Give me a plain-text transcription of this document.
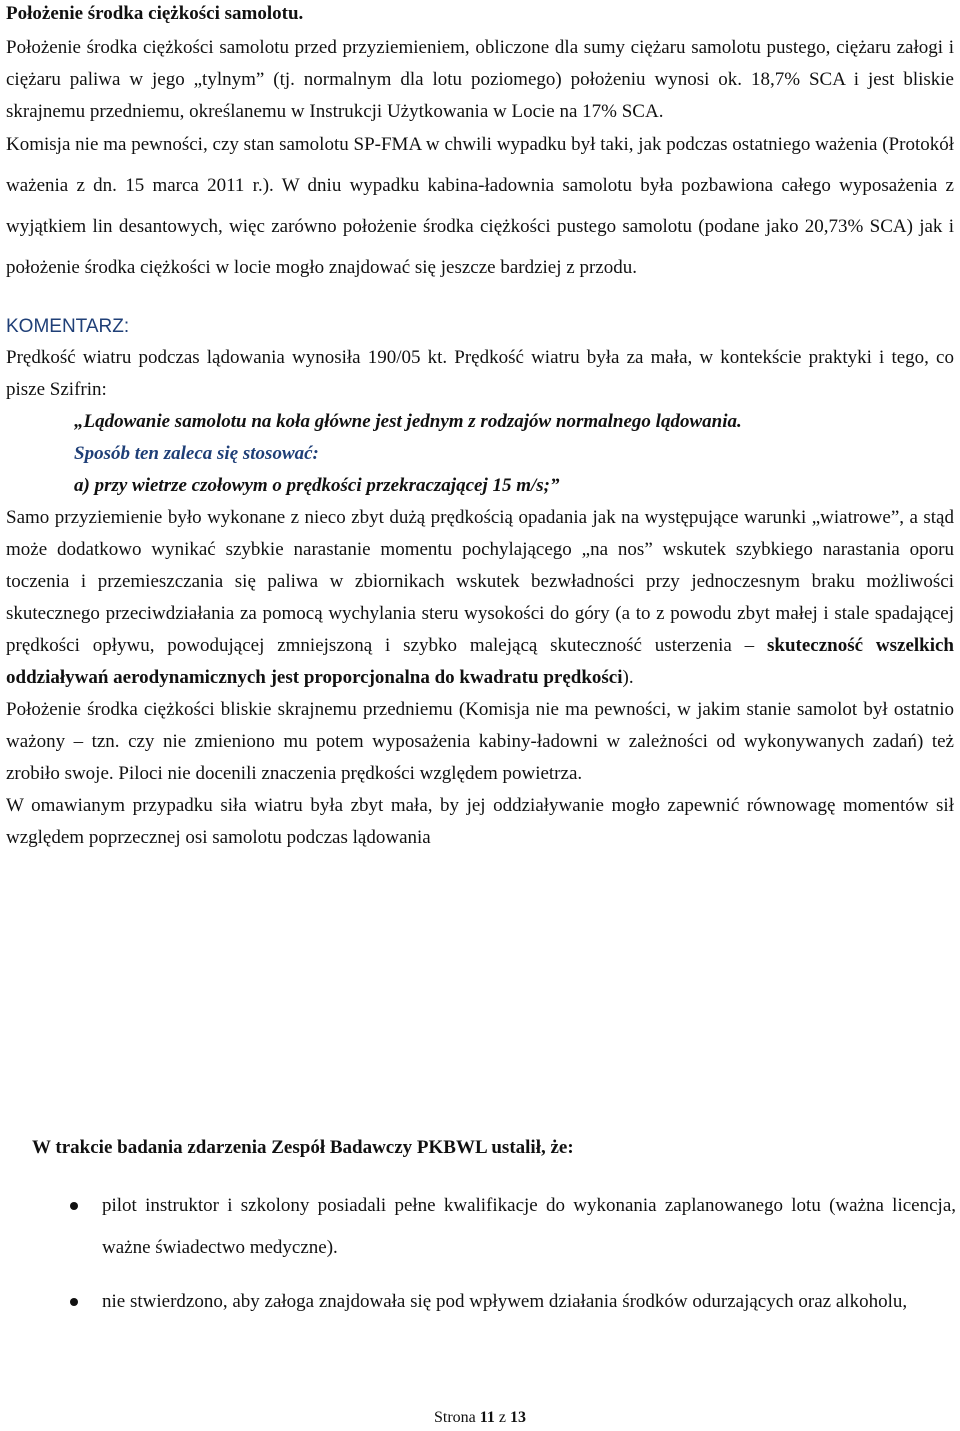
Położenie środka ciężkości samolotu.

Położenie środka ciężkości samolotu przed przyziemieniem, obliczone dla sumy ciężaru samolotu pustego, ciężaru załogi i ciężaru paliwa w jego „tylnym” (tj. normalnym dla lotu poziomego) położeniu wynosi ok. 18,7% SCA i jest bliskie skrajnemu przedniemu, określanemu w Instrukcji Użytkowania w Locie na 17% SCA.

Komisja nie ma pewności, czy stan samolotu SP-FMA w chwili wypadku był taki, jak podczas ostatniego ważenia (Protokół ważenia z dn. 15 marca 2011 r.). W dniu wypadku kabina-ładownia samolotu była pozbawiona całego wyposażenia z wyjątkiem lin desantowych, więc zarówno położenie środka ciężkości pustego samolotu (podane jako 20,73% SCA) jak i położenie środka ciężkości w locie mogło znajdować się jeszcze bardziej z przodu.

KOMENTARZ:

Prędkość wiatru podczas lądowania wynosiła 190/05 kt. Prędkość wiatru była za mała, w kontekście praktyki i tego, co pisze Szifrin:

„Lądowanie samolotu na koła główne jest jednym z rodzajów normalnego lądowania.

Sposób ten zaleca się stosować:

a) przy wietrze czołowym o prędkości przekraczającej 15 m/s;”

Samo przyziemienie było wykonane z nieco zbyt dużą prędkością opadania jak na występujące warunki „wiatrowe”, a stąd może dodatkowo wynikać szybkie narastanie momentu pochylającego „na nos” wskutek szybkiego narastania oporu toczenia i przemieszczania się paliwa w zbiornikach wskutek bezwładności przy jednoczesnym braku możliwości skutecznego przeciwdziałania za pomocą wychylania steru wysokości do góry (a to z powodu zbyt małej i stale spadającej prędkości opływu, powodującej zmniejszoną i szybko malejącą skuteczność usterzenia – skuteczność wszelkich oddziaływań aerodynamicznych jest proporcjonalna do kwadratu prędkości).

Położenie środka ciężkości bliskie skrajnemu przedniemu (Komisja nie ma pewności, w jakim stanie samolot był ostatnio ważony – tzn. czy nie zmieniono mu potem wyposażenia kabiny-ładowni w zależności od wykonywanych zadań) też zrobiło swoje. Piloci nie docenili znaczenia prędkości względem powietrza.

W omawianym przypadku siła wiatru była zbyt mała, by jej oddziaływanie mogło zapewnić równowagę momentów sił względem poprzecznej osi samolotu podczas lądowania

W trakcie badania zdarzenia Zespół Badawczy PKBWL ustalił, że:

pilot instruktor i szkolony posiadali pełne kwalifikacje do wykonania zaplanowanego lotu (ważna licencja, ważne świadectwo medyczne).
nie stwierdzono, aby załoga znajdowała się pod wpływem działania środków odurzających oraz alkoholu,
Strona 11 z 13
